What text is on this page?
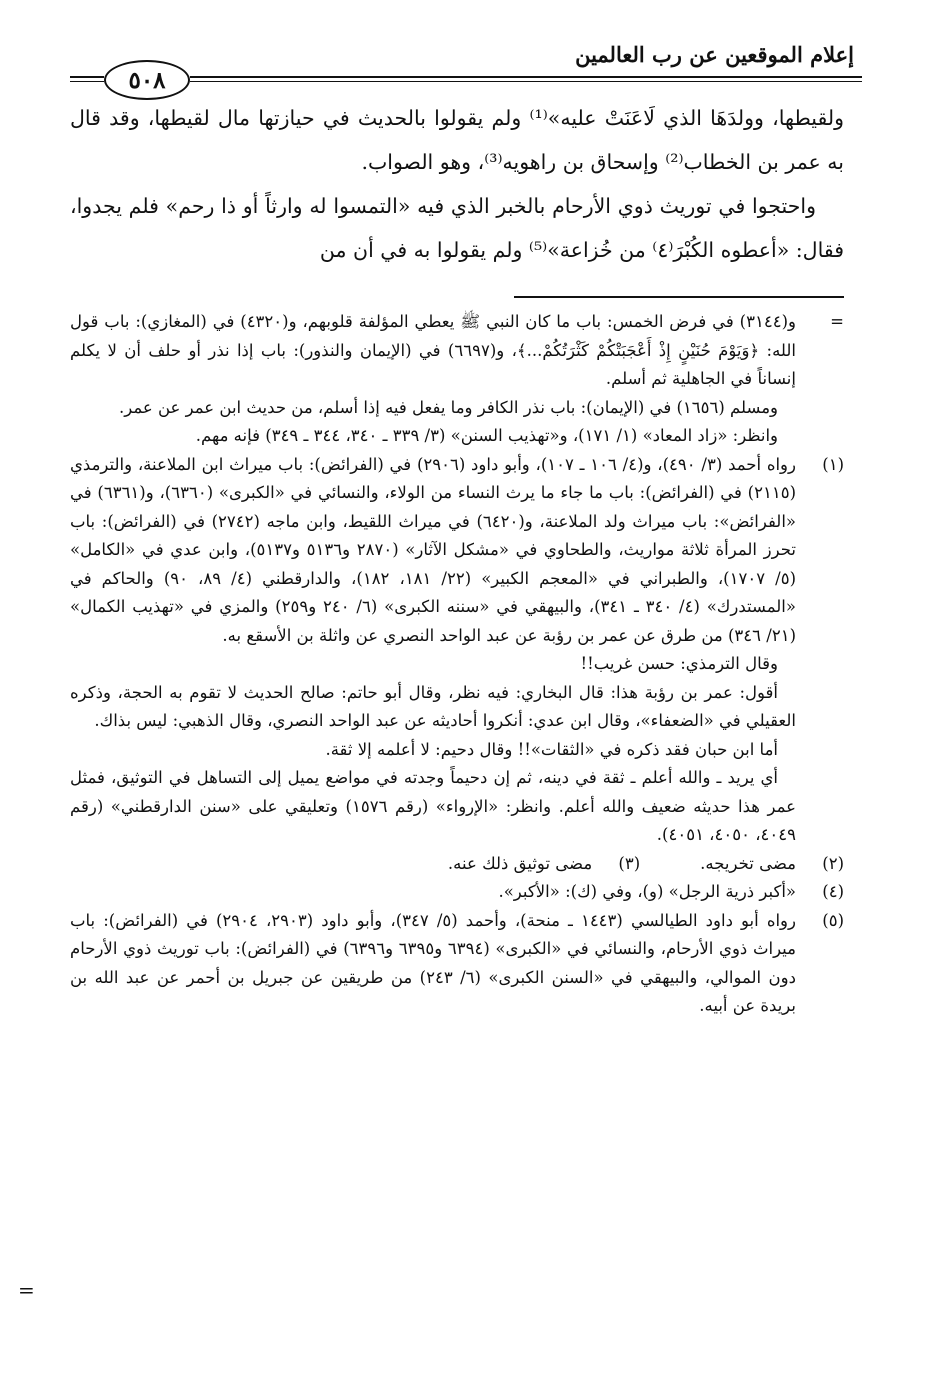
إعلام الموقعين عن رب العالمين
٥٠٨

ولقيطها، وولدَهَا الذي لَاعَنَتْ عليه»⁽¹⁾ ولم يقولوا بالحديث في حيازتها مال لقيطها، وقد قال به عمر بن الخطاب⁽²⁾ وإسحاق بن راهويه⁽³⁾، وهو الصواب.

واحتجوا في توريث ذوي الأرحام بالخبر الذي فيه «التمسوا له وارثاً أو ذا رحم» فلم يجدوا، فقال: «أعطوه الكُبْرَ⁽٤⁾ من خُزاعة»⁽⁵⁾ ولم يقولوا به في أن من

=

و(٣١٤٤) في فرض الخمس: باب ما كان النبي ﷺ يعطي المؤلفة قلوبهم، و(٤٣٢٠) في (المغازي): باب قول الله: ﴿وَيَوْمَ حُنَيْنٍ إِذْ أَعْجَبَتْكُمْ كَثْرَتُكُمْ...﴾، و(٦٦٩٧) في (الإيمان والنذور): باب إذا نذر أو حلف أن لا يكلم إنساناً في الجاهلية ثم أسلم.

ومسلم (١٦٥٦) في (الإيمان): باب نذر الكافر وما يفعل فيه إذا أسلم، من حديث ابن عمر عن عمر.

وانظر: «زاد المعاد» (١/ ١٧١)، و«تهذيب السنن» (٣/ ٣٣٩ ـ ٣٤٠، ٣٤٤ ـ ٣٤٩) فإنه مهم.

(١)

رواه أحمد (٣/ ٤٩٠)، و(٤/ ١٠٦ ـ ١٠٧)، وأبو داود (٢٩٠٦) في (الفرائض): باب ميراث ابن الملاعنة، والترمذي (٢١١٥) في (الفرائض): باب ما جاء ما يرث النساء من الولاء، والنسائي في «الكبرى» (٦٣٦٠)، و(٦٣٦١) في «الفرائض»: باب ميراث ولد الملاعنة، و(٦٤٢٠) في ميراث اللقيط، وابن ماجه (٢٧٤٢) في (الفرائض): باب تحرز المرأة ثلاثة مواريث، والطحاوي في «مشكل الآثار» (٢٨٧٠ و٥١٣٦ و٥١٣٧)، وابن عدي في «الكامل» (٥/ ١٧٠٧)، والطبراني في «المعجم الكبير» (٢٢/ ١٨١، ١٨٢)، والدارقطني (٤/ ٨٩، ٩٠) والحاكم في «المستدرك» (٤/ ٣٤٠ ـ ٣٤١)، والبيهقي في «سننه الكبرى» (٦/ ٢٤٠ و٢٥٩) والمزي في «تهذيب الكمال» (٢١/ ٣٤٦) من طرق عن عمر بن رؤبة عن عبد الواحد النصري عن واثلة بن الأسقع به.

وقال الترمذي: حسن غريب!!

أقول: عمر بن رؤبة هذا: قال البخاري: فيه نظر، وقال أبو حاتم: صالح الحديث لا تقوم به الحجة، وذكره العقيلي في «الضعفاء»، وقال ابن عدي: أنكروا أحاديثه عن عبد الواحد النصري، وقال الذهبي: ليس بذاك.

أما ابن حبان فقد ذكره في «الثقات»!! وقال دحيم: لا أعلمه إلا ثقة.

أي يريد ـ والله أعلم ـ ثقة في دينه، ثم إن دحيماً وجدته في مواضع يميل إلى التساهل في التوثيق، فمثل عمر هذا حديثه ضعيف والله أعلم. وانظر: «الإرواء» (رقم ١٥٧٦) وتعليقي على «سنن الدارقطني» (رقم ٤٠٤٩، ٤٠٥٠، ٤٠٥١).

(٢)
مضى تخريجه.
(٣)     مضى توثيق ذلك عنه.
(٤)

«أكبر ذرية الرجل» (و)، وفي (ك): «الأكبر».

(٥)

رواه أبو داود الطيالسي (١٤٤٣ ـ منحة)، وأحمد (٥/ ٣٤٧)، وأبو داود (٢٩٠٣، ٢٩٠٤) في (الفرائض): باب ميراث ذوي الأرحام، والنسائي في «الكبرى» (٦٣٩٤ و٦٣٩٥ و٦٣٩٦) في (الفرائض): باب توريث ذوي الأرحام دون الموالي، والبيهقي في «السنن الكبرى» (٦/ ٢٤٣) من طريقين عن جبريل بن أحمر عن عبد الله بن بريدة عن أبيه.

=
